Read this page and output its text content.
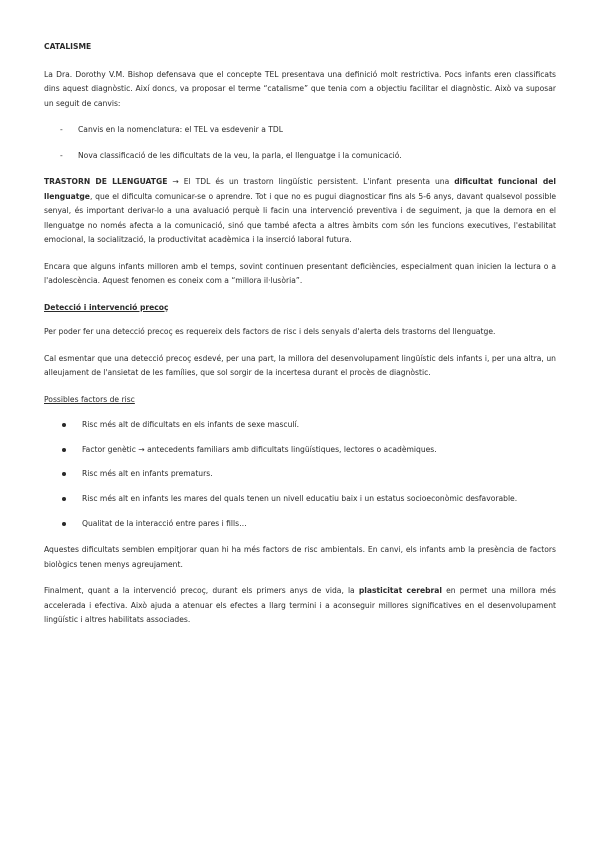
CATALISME

La Dra. Dorothy V.M. Bishop defensava que el concepte TEL presentava una definició molt restrictiva. Pocs infants eren classificats dins aquest diagnòstic. Així doncs, va proposar el terme “catalisme” que tenia com a objectiu facilitar el diagnòstic. Això va suposar un seguit de canvis:

- Canvis en la nomenclatura: el TEL va esdevenir a TDL
- Nova classificació de les dificultats de la veu, la parla, el llenguatge i la comunicació.

TRASTORN DE LLENGUATGE → El TDL és un trastorn lingüístic persistent. L'infant presenta una dificultat funcional del llenguatge, que el dificulta comunicar-se o aprendre. Tot i que no es pugui diagnosticar fins als 5-6 anys, davant qualsevol possible senyal, és important derivar-lo a una avaluació perquè li facin una intervenció preventiva i de seguiment, ja que la demora en el llenguatge no només afecta a la comunicació, sinó que també afecta a altres àmbits com són les funcions executives, l'estabilitat emocional, la socialització, la productivitat acadèmica i la inserció laboral futura.

Encara que alguns infants milloren amb el temps, sovint continuen presentant deficiències, especialment quan inicien la lectura o a l'adolescència. Aquest fenomen es coneix com a “millora il·lusòria”.

Detecció i intervenció precoç

Per poder fer una detecció precoç es requereix dels factors de risc i dels senyals d'alerta dels trastorns del llenguatge.

Cal esmentar que una detecció precoç esdevé, per una part, la millora del desenvolupament lingüístic dels infants i, per una altra, un alleujament de l'ansietat de les famílies, que sol sorgir de la incertesa durant el procès de diagnòstic.

Possibles factors de risc

Risc més alt de dificultats en els infants de sexe masculí.
Factor genètic → antecedents familiars amb dificultats lingüístiques, lectores o acadèmiques.
Risc més alt en infants prematurs.
Risc més alt en infants les mares del quals tenen un nivell educatiu baix i un estatus socioeconòmic desfavorable.
Qualitat de la interacció entre pares i fills…

Aquestes dificultats semblen empitjorar quan hi ha més factors de risc ambientals. En canvi, els infants amb la presència de factors biològics tenen menys agreujament.

Finalment, quant a la intervenció precoç, durant els primers anys de vida, la plasticitat cerebral en permet una millora més accelerada i efectiva. Això ajuda a atenuar els efectes a llarg termini i a aconseguir millores significatives en el desenvolupament lingüístic i altres habilitats associades.
